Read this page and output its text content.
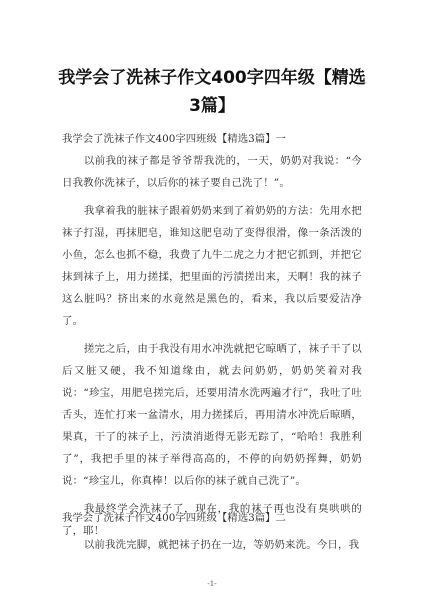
我学会了洗袜子作文400字四年级【精选
3篇】
我学会了洗袜子作文400字四班级【精选3篇】一

以前我的袜子都是爷爷帮我洗的，一天，奶奶对我说：“今日我教你洗袜子，以后你的袜子要自己洗了！”。

我拿着我的脏袜子跟着奶奶来到了着奶奶的方法：先用水把袜子打湿，再抹肥皂，谁知这肥皂动了变得很滑，像一条活泼的小鱼，怎么也抓不稳，我费了九牛二虎之力才把它抓到，并把它抹到袜子上，用力搓揉，把里面的污渍搓出来，天啊！我的袜子这么脏吗？挤出来的水竟然是黑色的，看来，我以后要爱洁净了。

搓完之后，由于我没有用水冲洗就把它晾晒了，袜子干了以后又脏又硬，我不知道缘由，就去问奶奶，奶奶笑着对我说：“珍宝，用肥皂搓完后，还要用清水洗两遍才行”，我吐了吐舌头，连忙打来一盆清水，用力搓揉后，再用清水冲洗后晾晒，果真，干了的袜子上，污渍消逝得无影无踪了，“哈哈！我胜利了”，我把手里的袜子举得高高的，不停的向奶奶挥舞，奶奶说：“珍宝儿，你真棒！以后你的袜子就自己洗了”。

我最终学会洗袜子了，现在，我的袜子再也没有臭哄哄的了，耶！

我学会了洗袜子作文400字四班级【精选3篇】二

以前我洗完脚，就把袜子扔在一边，等奶奶来洗。今日，我

-1-
